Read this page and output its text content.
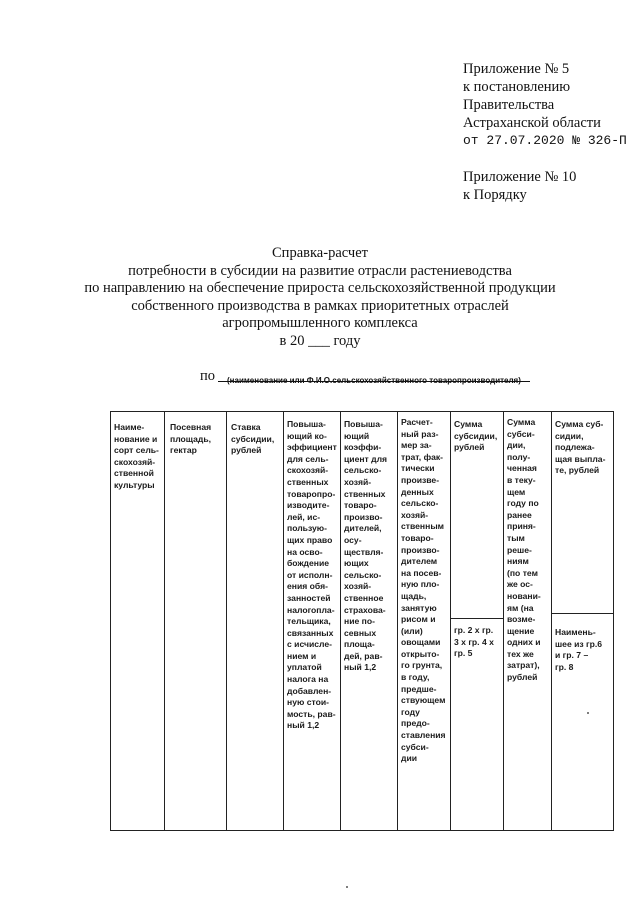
Приложение № 5
к постановлению
Правительства
Астраханской области
от 27.07.2020 № 326-П
Приложение № 10
к Порядку
Справка-расчет
потребности в субсидии на развитие отрасли растениеводства
по направлению на обеспечение прироста сельскохозяйственной продукции
собственного производства в рамках приоритетных отраслей
агропромышленного комплекса
в 20 ___ году
по (наименование или Ф.И.О.сельскохозяйственного товаропроизводителя)
Наиме-
нование и
сорт сель-
скохозяй-
ственной
культуры
Посевная
площадь,
гектар
Ставка
субсидии,
рублей
Повыша-
ющий ко-
эффициент
для сель-
скохозяй-
ственных
товаропро-
изводите-
лей, ис-
пользую-
щих право
на осво-
бождение
от исполн-
ения обя-
занностей
налогопла-
тельщика,
связанных
с исчисле-
нием и
уплатой
налога на
добавлен-
ную стои-
мость, рав-
ный 1,2
Повыша-
ющий
коэффи-
циент для
сельско-
хозяй-
ственных
товаро-
произво-
дителей,
осу-
ществля-
ющих
сельско-
хозяй-
ственное
страхова-
ние по-
севных
площа-
дей, рав-
ный 1,2
Расчет-
ный раз-
мер за-
трат, фак-
тически
произве-
денных
сельско-
хозяй-
ственным
товаро-
произво-
дителем
на посев-
ную пло-
щадь,
занятую
рисом и
(или)
овощами
открыто-
го грунта,
в году,
предше-
ствующем году
предо-
ставления
субси-
дии
Сумма
субсидии,
рублей
Сумма
субси-
дии,
полу-
ченная
в теку-
щем
году по
ранее
приня-
тым
реше-
ниям
(по тем
же ос-
новани-
ям (на
возме-
щение
одних и
тех же
затрат),
рублей
Сумма суб-
сидии,
подлежа-
щая выпла-
те, рублей
гр. 2 х гр.
3 х гр. 4 х
гр. 5
Наимень-
шее из гр.6
и гр. 7 –
гр. 8
